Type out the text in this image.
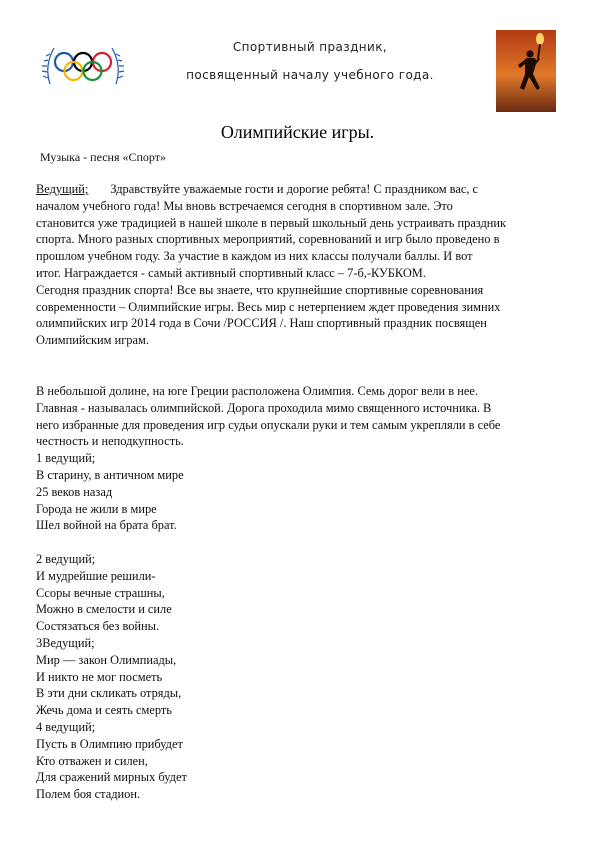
Спортивный праздник,
посвященный началу учебного года.
Олимпийские игры.
Музыка - песня «Спорт»
Ведущий; Здравствуйте уважаемые гости и дорогие ребята! С праздником вас, с
началом учебного года! Мы вновь встречаемся сегодня в спортивном зале. Это
становится уже традицией в нашей школе в первый школьный день устраивать праздник
спорта. Много разных спортивных мероприятий, соревнований и игр было проведено в
прошлом учебном году. За участие в каждом из них классы получали баллы. И вот
итог. Награждается - самый активный спортивный класс – 7-б,-КУБКОМ.
Сегодня праздник спорта! Все вы знаете, что крупнейшие спортивные соревнования
современности – Олимпийские игры. Весь мир с нетерпением ждет проведения зимних
олимпийских игр 2014 года в Сочи /РОССИЯ /. Наш спортивный праздник посвящен
Олимпийским играм.
В небольшой долине, на юге Греции расположена Олимпия. Семь дорог вели в нее.
Главная - называлась олимпийской. Дорога проходила мимо священного источника. В
него избранные для проведения игр судьи опускали руки и тем самым укрепляли в себе
честность и неподкупность.
1 ведущий;
В старину, в античном мире
25 веков назад
Города не жили в мире
Шел войной на брата брат.
2 ведущий;
И мудрейшие решили-
Ссоры вечные страшны,
Можно в смелости и силе
Состязаться без войны.
3Ведущий;
Мир — закон Олимпиады,
И никто не мог посметь
В эти дни скликать отряды,
Жечь дома и сеять смерть
4 ведущий;
Пусть в Олимпию прибудет
Кто отважен и силен,
Для сражений мирных будет
Полем боя стадион.
